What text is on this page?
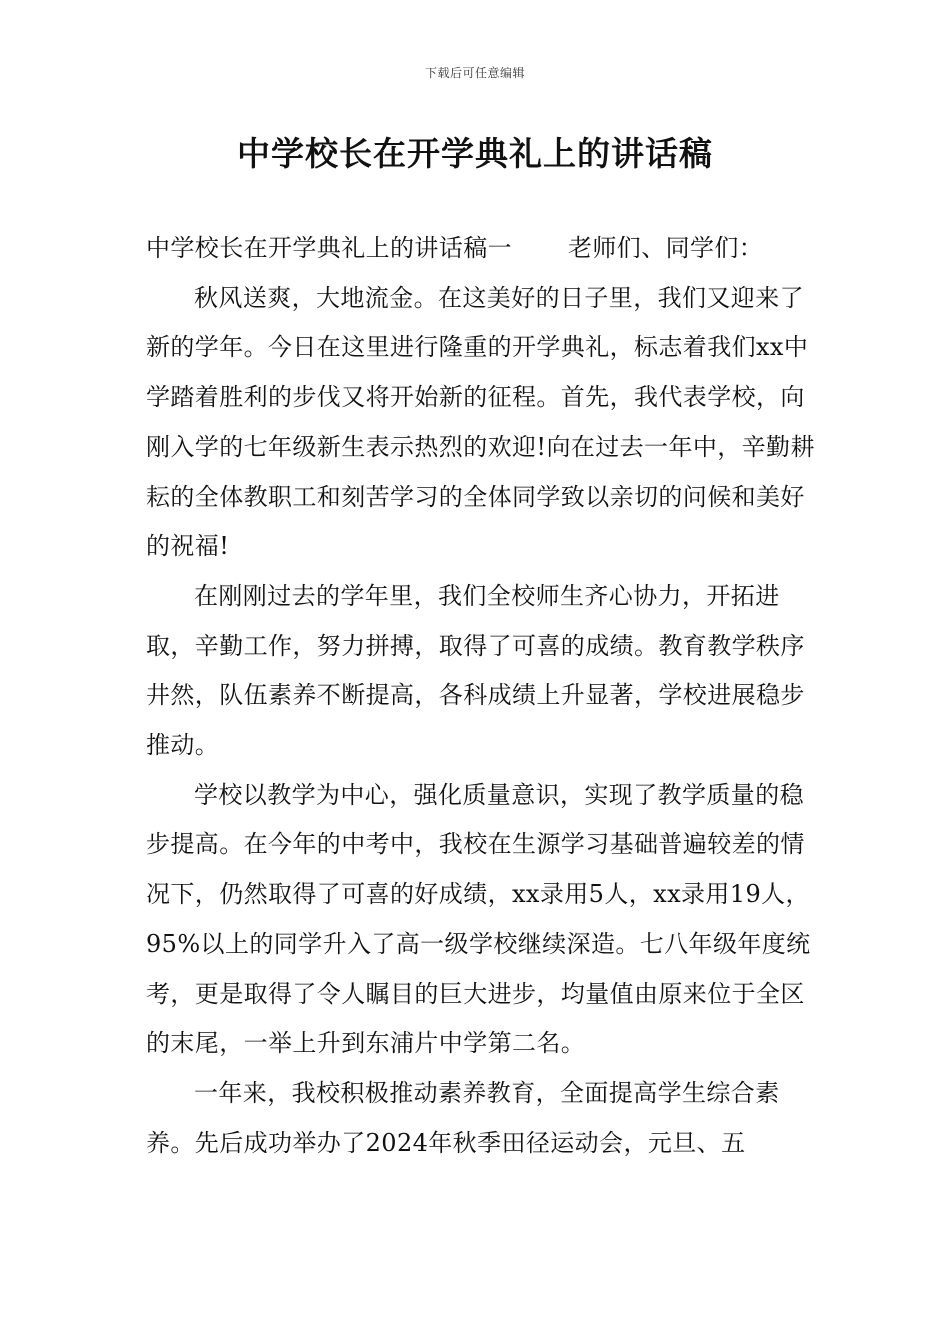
下载后可任意编辑
中学校长在开学典礼上的讲话稿

中学校长在开学典礼上的讲话稿一 老师们、同学们：

秋风送爽，大地流金。在这美好的日子里，我们又迎来了新的学年。今日在这里进行隆重的开学典礼，标志着我们xx中学踏着胜利的步伐又将开始新的征程。首先，我代表学校，向刚入学的七年级新生表示热烈的欢迎!向在过去一年中，辛勤耕耘的全体教职工和刻苦学习的全体同学致以亲切的问候和美好的祝福!

在刚刚过去的学年里，我们全校师生齐心协力，开拓进取，辛勤工作，努力拼搏，取得了可喜的成绩。教育教学秩序井然，队伍素养不断提高，各科成绩上升显著，学校进展稳步推动。

学校以教学为中心，强化质量意识，实现了教学质量的稳步提高。在今年的中考中，我校在生源学习基础普遍较差的情况下，仍然取得了可喜的好成绩，xx录用5人，xx录用19人，95%以上的同学升入了高一级学校继续深造。七八年级年度统考，更是取得了令人瞩目的巨大进步，均量值由原来位于全区的末尾，一举上升到东浦片中学第二名。

一年来，我校积极推动素养教育，全面提高学生综合素养。先后成功举办了2024年秋季田径运动会，元旦、五
